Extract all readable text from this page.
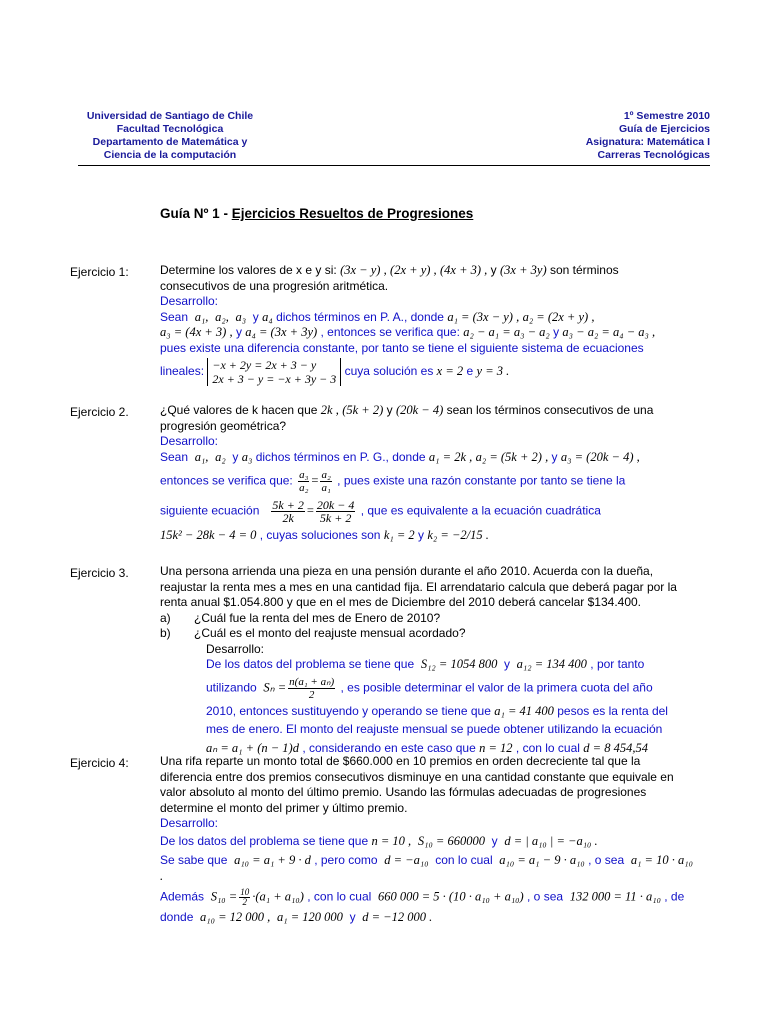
Universidad de Santiago de Chile
Facultad Tecnológica
Departamento de Matemática y
Ciencia de la computación
1º Semestre 2010
Guía de Ejercicios
Asignatura: Matemática I
Carreras Tecnológicas
Guía Nº 1 - Ejercicios Resueltos de Progresiones
Ejercicio 1:	Determine los valores de x e y si: (3x − y) , (2x + y) , (4x + 3) , y (3x + 3y) son términos
consecutivos de una progresión aritmética.
Desarrollo:
Sean a₁, a₂, a₃ y a₄ dichos términos en P. A., donde a₁ = (3x − y) , a₂ = (2x + y) ,
a₃ = (4x + 3) , y a₄ = (3x + 3y) , entonces se verifica que: a₂ − a₁ = a₃ − a₂ y a₃ − a₂ = a₄ − a₃ ,
pues existe una diferencia constante, por tanto se tiene el siguiente sistema de ecuaciones
lineales: −x + 2y = 2x + 3 − y
2x + 3 − y = −x + 3y − 3
cuya solución es x = 2 e y = 3 .
Ejercicio 2.	¿Qué valores de k hacen que 2k , (5k + 2) y (20k − 4) sean los términos consecutivos de una
progresión geométrica?
Desarrollo:
Sean a₁, a₂ y a₃ dichos términos en P. G., donde a₁ = 2k , a₂ = (5k + 2) , y a₃ = (20k − 4) ,
entonces se verifica que: $\frac{\text{a₃}}{\text{a₂}} = \frac{\text{a₂}}{\text{a₁}}$ , pues existe una razón constante por tanto se tiene la
siguiente ecuación $\frac{5k + 2}{2k} = \frac{20k - 4}{5k + 2}$ , que es equivalente a la ecuación cuadrática
15k² − 28k − 4 = 0 , cuyas soluciones son k₁ = 2 y k₂ = −2/15 .
Ejercicio 3.	Una persona arrienda una pieza en una pensión durante el año 2010. Acuerda con la dueña,
reajustar la renta mes a mes en una cantidad fija. El arrendatario calcula que deberá pagar por la
renta anual $1.054.800 y que en el mes de Diciembre del 2010 deberá cancelar $134.400.
a) ¿Cuál fue la renta del mes de Enero de 2010?
b) ¿Cuál es el monto del reajuste mensual acordado?
Desarrollo:
De los datos del problema se tiene que S₁₂ = 1054 800 y a₁₂ = 134 400 , por tanto
utilizando $S_n = \frac{\text{n(a₁ + aₙ)}}{2}$ , es posible determinar el valor de la primera cuota del año
2010, entonces sustituyendo y operando se tiene que a₁ = 41 400 pesos es la renta del
mes de enero. El monto del reajuste mensual se puede obtener utilizando la ecuación
aₙ = a₁ + (n − 1)d , considerando en este caso que n = 12 , con lo cual d = 8 454,54
Ejercicio 4:	Una rifa reparte un monto total de $660.000 en 10 premios en orden decreciente tal que la
diferencia entre dos premios consecutivos disminuye en una cantidad constante que equivale en
valor absoluto al monto del último premio. Usando las fórmulas adecuadas de progresiones
determine el monto del primer y último premio.
Desarrollo:
De los datos del problema se tiene que n = 10 , S₁₀ = 660000 y d = | a₁₀ | = −a₁₀ .
Se sabe que a₁₀ = a₁ + 9 · d , pero como d = −a₁₀ con lo cual a₁₀ = a₁ − 9 · a₁₀ , o sea a₁ = 10 · a₁₀ .
Además $S_{10} = \frac{10}{2} \cdot(a_1 + a_{10})$ , con lo cual 660 000 = 5 · (10 · a₁₀ + a₁₀) , o sea 132 000 = 11 · a₁₀ , de
donde a₁₀ = 12 000 , a₁ = 120 000 y d = −12 000 .
